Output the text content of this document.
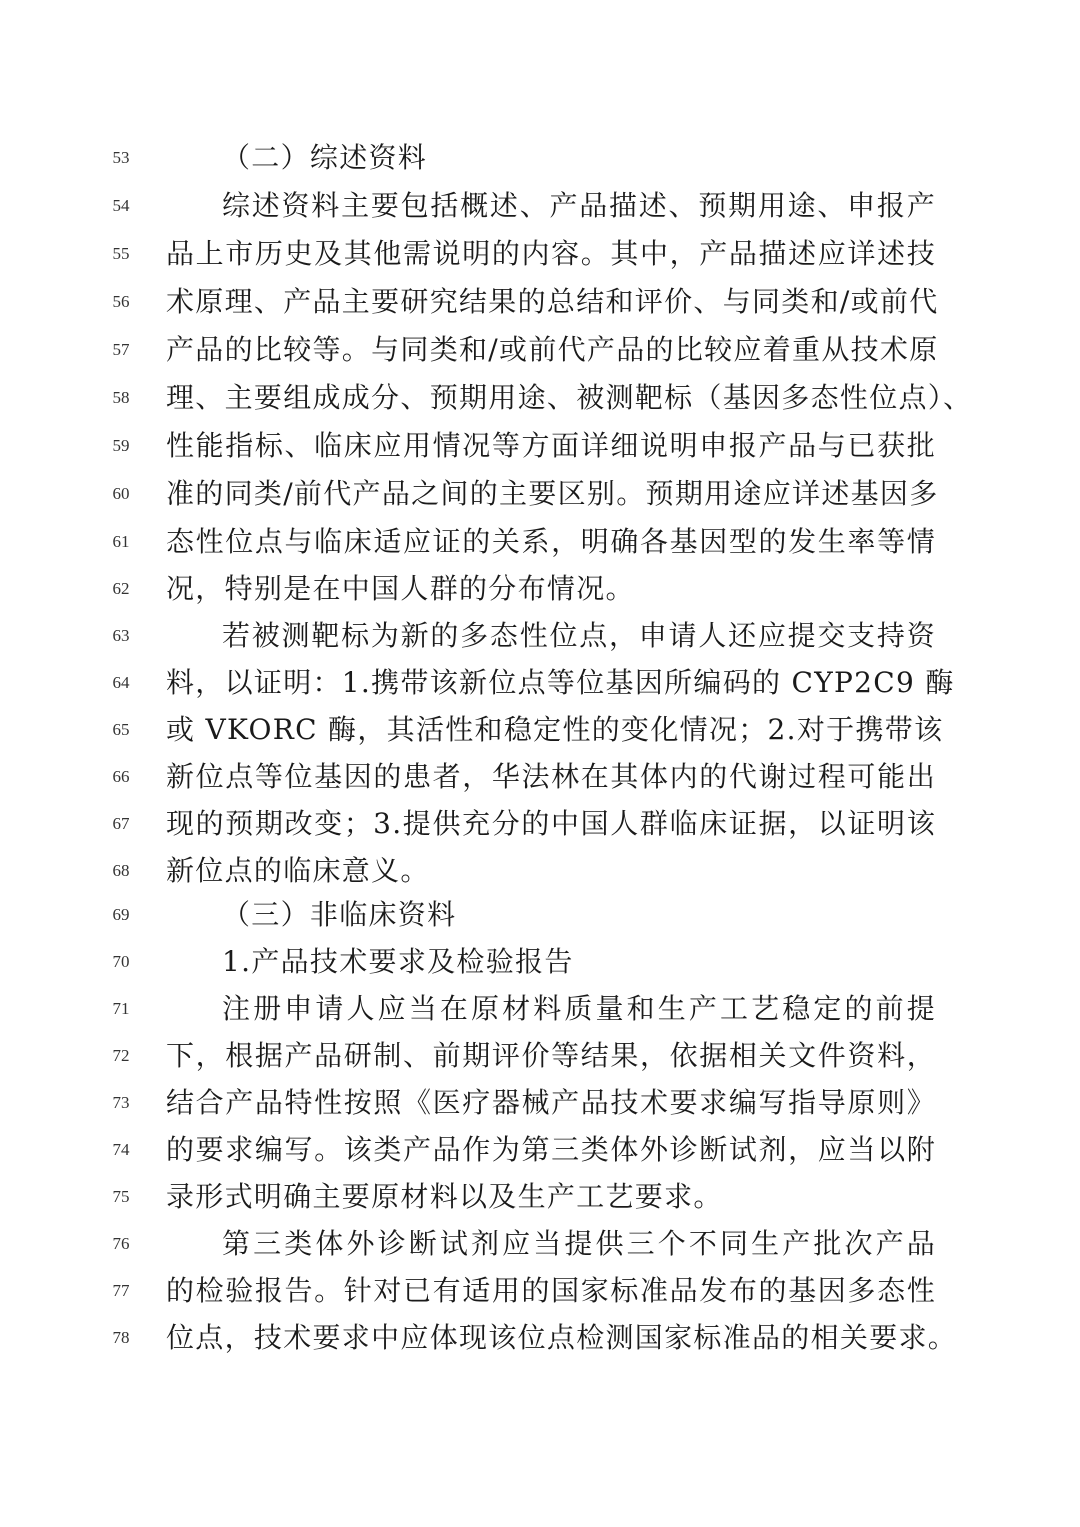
53	（二）综述资料
54	综述资料主要包括概述、产品描述、预期用途、申报产
55	品上市历史及其他需说明的内容。其中，产品描述应详述技
56	术原理、产品主要研究结果的总结和评价、与同类和/或前代
57	产品的比较等。与同类和/或前代产品的比较应着重从技术原
58	理、主要组成成分、预期用途、被测靶标（基因多态性位点）、
59	性能指标、临床应用情况等方面详细说明申报产品与已获批
60	准的同类/前代产品之间的主要区别。预期用途应详述基因多
61	态性位点与临床适应证的关系，明确各基因型的发生率等情
62	况，特别是在中国人群的分布情况。
63	若被测靶标为新的多态性位点，申请人还应提交支持资
64	料，以证明：1.携带该新位点等位基因所编码的 CYP2C9 酶
65	或 VKORC 酶，其活性和稳定性的变化情况；2.对于携带该
66	新位点等位基因的患者，华法林在其体内的代谢过程可能出
67	现的预期改变；3.提供充分的中国人群临床证据，以证明该
68	新位点的临床意义。
69	（三）非临床资料
70	1.产品技术要求及检验报告
71	注册申请人应当在原材料质量和生产工艺稳定的前提
72	下，根据产品研制、前期评价等结果，依据相关文件资料，
73	结合产品特性按照《医疗器械产品技术要求编写指导原则》
74	的要求编写。该类产品作为第三类体外诊断试剂，应当以附
75	录形式明确主要原材料以及生产工艺要求。
76	第三类体外诊断试剂应当提供三个不同生产批次产品
77	的检验报告。针对已有适用的国家标准品发布的基因多态性
78	位点，技术要求中应体现该位点检测国家标准品的相关要求。
